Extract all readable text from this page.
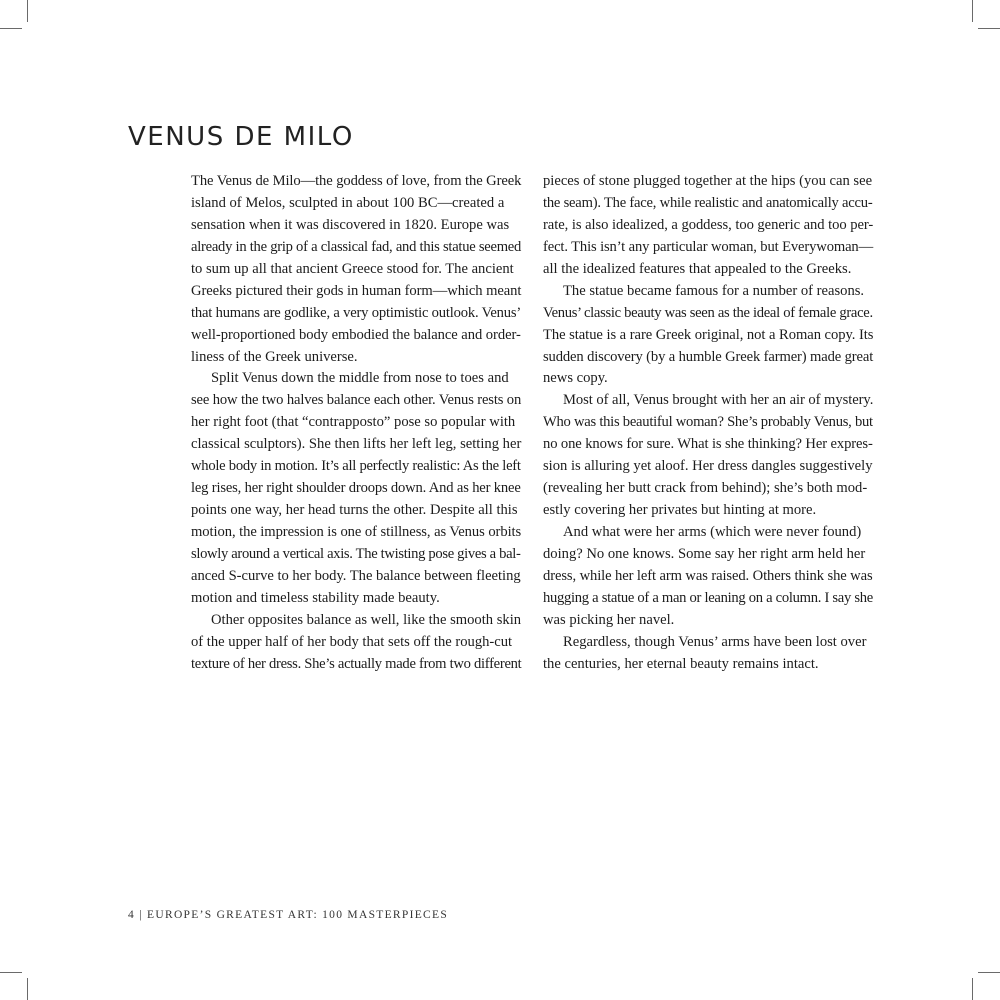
VENUS DE MILO
The Venus de Milo—the goddess of love, from the Greek
island of Melos, sculpted in about 100 BC—created a
sensation when it was discovered in 1820. Europe was
already in the grip of a classical fad, and this statue seemed
to sum up all that ancient Greece stood for. The ancient
Greeks pictured their gods in human form—which meant
that humans are godlike, a very optimistic outlook. Venus’
well-proportioned body embodied the balance and order-
liness of the Greek universe.
Split Venus down the middle from nose to toes and
see how the two halves balance each other. Venus rests on
her right foot (that “contrapposto” pose so popular with
classical sculptors). She then lifts her left leg, setting her
whole body in motion. It’s all perfectly realistic: As the left
leg rises, her right shoulder droops down. And as her knee
points one way, her head turns the other. Despite all this
motion, the impression is one of stillness, as Venus orbits
slowly around a vertical axis. The twisting pose gives a bal-
anced S-curve to her body. The balance between fleeting
motion and timeless stability made beauty.
Other opposites balance as well, like the smooth skin
of the upper half of her body that sets off the rough-cut
texture of her dress. She’s actually made from two different
pieces of stone plugged together at the hips (you can see
the seam). The face, while realistic and anatomically accu-
rate, is also idealized, a goddess, too generic and too per-
fect. This isn’t any particular woman, but Everywoman—
all the idealized features that appealed to the Greeks.
The statue became famous for a number of reasons.
Venus’ classic beauty was seen as the ideal of female grace.
The statue is a rare Greek original, not a Roman copy. Its
sudden discovery (by a humble Greek farmer) made great
news copy.
Most of all, Venus brought with her an air of mystery.
Who was this beautiful woman? She’s probably Venus, but
no one knows for sure. What is she thinking? Her expres-
sion is alluring yet aloof. Her dress dangles suggestively
(revealing her butt crack from behind); she’s both mod-
estly covering her privates but hinting at more.
And what were her arms (which were never found)
doing? No one knows. Some say her right arm held her
dress, while her left arm was raised. Others think she was
hugging a statue of a man or leaning on a column. I say she
was picking her navel.
Regardless, though Venus’ arms have been lost over
the centuries, her eternal beauty remains intact.
4 | EUROPE’S GREATEST ART: 100 MASTERPIECES
